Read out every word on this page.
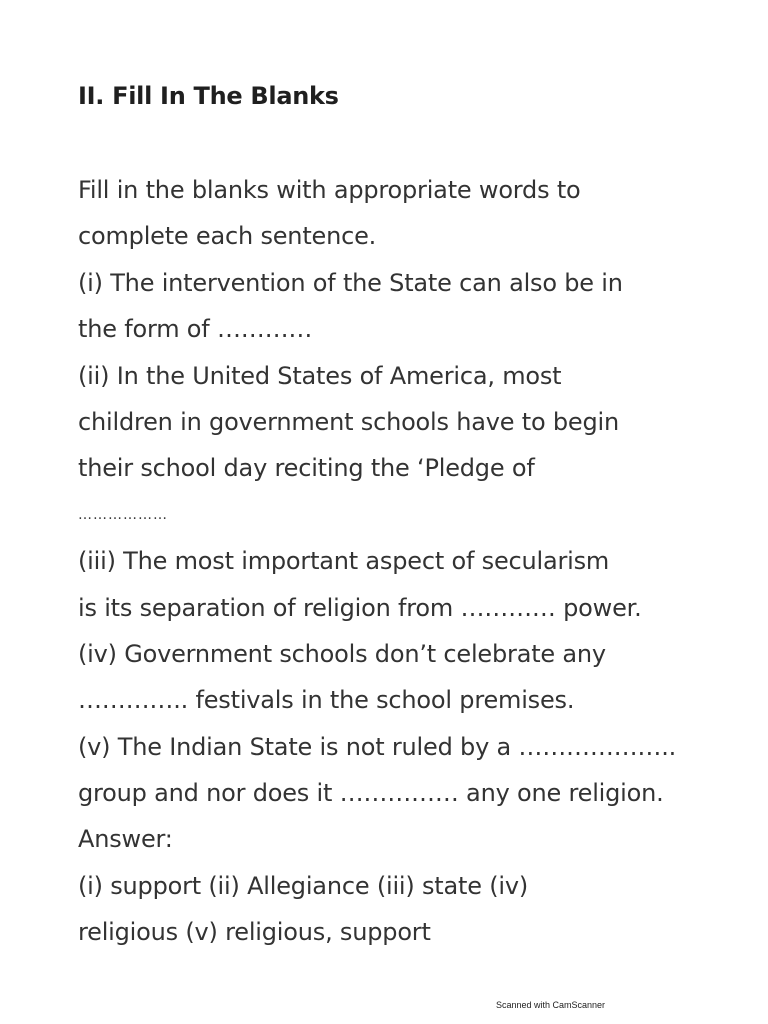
II. Fill In The Blanks
Fill in the blanks with appropriate words to
complete each sentence.
(i) The intervention of the State can also be in
the form of …………
(ii) In the United States of America, most
children in government schools have to begin
their school day reciting the ‘Pledge of
………………
(iii) The most important aspect of secularism
is its separation of religion from ………… power.
(iv) Government schools don’t celebrate any
………….. festivals in the school premises.
(v) The Indian State is not ruled by a ………………..
group and nor does it …………… any one religion.
Answer:
(i) support (ii) Allegiance (iii) state (iv)
religious (v) religious, support
Scanned with CamScanner
